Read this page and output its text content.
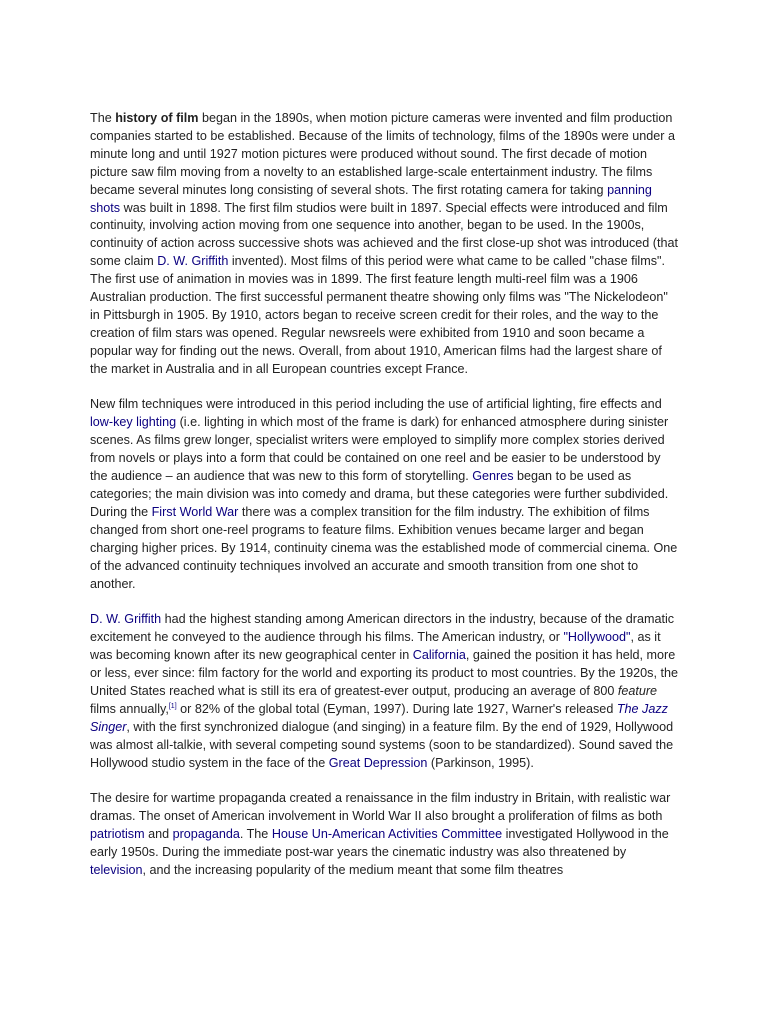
The history of film began in the 1890s, when motion picture cameras were invented and film production companies started to be established. Because of the limits of technology, films of the 1890s were under a minute long and until 1927 motion pictures were produced without sound. The first decade of motion picture saw film moving from a novelty to an established large-scale entertainment industry. The films became several minutes long consisting of several shots. The first rotating camera for taking panning shots was built in 1898. The first film studios were built in 1897. Special effects were introduced and film continuity, involving action moving from one sequence into another, began to be used. In the 1900s, continuity of action across successive shots was achieved and the first close-up shot was introduced (that some claim D. W. Griffith invented). Most films of this period were what came to be called "chase films". The first use of animation in movies was in 1899. The first feature length multi-reel film was a 1906 Australian production. The first successful permanent theatre showing only films was "The Nickelodeon" in Pittsburgh in 1905. By 1910, actors began to receive screen credit for their roles, and the way to the creation of film stars was opened. Regular newsreels were exhibited from 1910 and soon became a popular way for finding out the news. Overall, from about 1910, American films had the largest share of the market in Australia and in all European countries except France.

New film techniques were introduced in this period including the use of artificial lighting, fire effects and low-key lighting (i.e. lighting in which most of the frame is dark) for enhanced atmosphere during sinister scenes. As films grew longer, specialist writers were employed to simplify more complex stories derived from novels or plays into a form that could be contained on one reel and be easier to be understood by the audience – an audience that was new to this form of storytelling. Genres began to be used as categories; the main division was into comedy and drama, but these categories were further subdivided. During the First World War there was a complex transition for the film industry. The exhibition of films changed from short one-reel programs to feature films. Exhibition venues became larger and began charging higher prices. By 1914, continuity cinema was the established mode of commercial cinema. One of the advanced continuity techniques involved an accurate and smooth transition from one shot to another.

D. W. Griffith had the highest standing among American directors in the industry, because of the dramatic excitement he conveyed to the audience through his films. The American industry, or "Hollywood", as it was becoming known after its new geographical center in California, gained the position it has held, more or less, ever since: film factory for the world and exporting its product to most countries. By the 1920s, the United States reached what is still its era of greatest-ever output, producing an average of 800 feature films annually,[1] or 82% of the global total (Eyman, 1997). During late 1927, Warner's released The Jazz Singer, with the first synchronized dialogue (and singing) in a feature film. By the end of 1929, Hollywood was almost all-talkie, with several competing sound systems (soon to be standardized). Sound saved the Hollywood studio system in the face of the Great Depression (Parkinson, 1995).

The desire for wartime propaganda created a renaissance in the film industry in Britain, with realistic war dramas. The onset of American involvement in World War II also brought a proliferation of films as both patriotism and propaganda. The House Un-American Activities Committee investigated Hollywood in the early 1950s. During the immediate post-war years the cinematic industry was also threatened by television, and the increasing popularity of the medium meant that some film theatres
